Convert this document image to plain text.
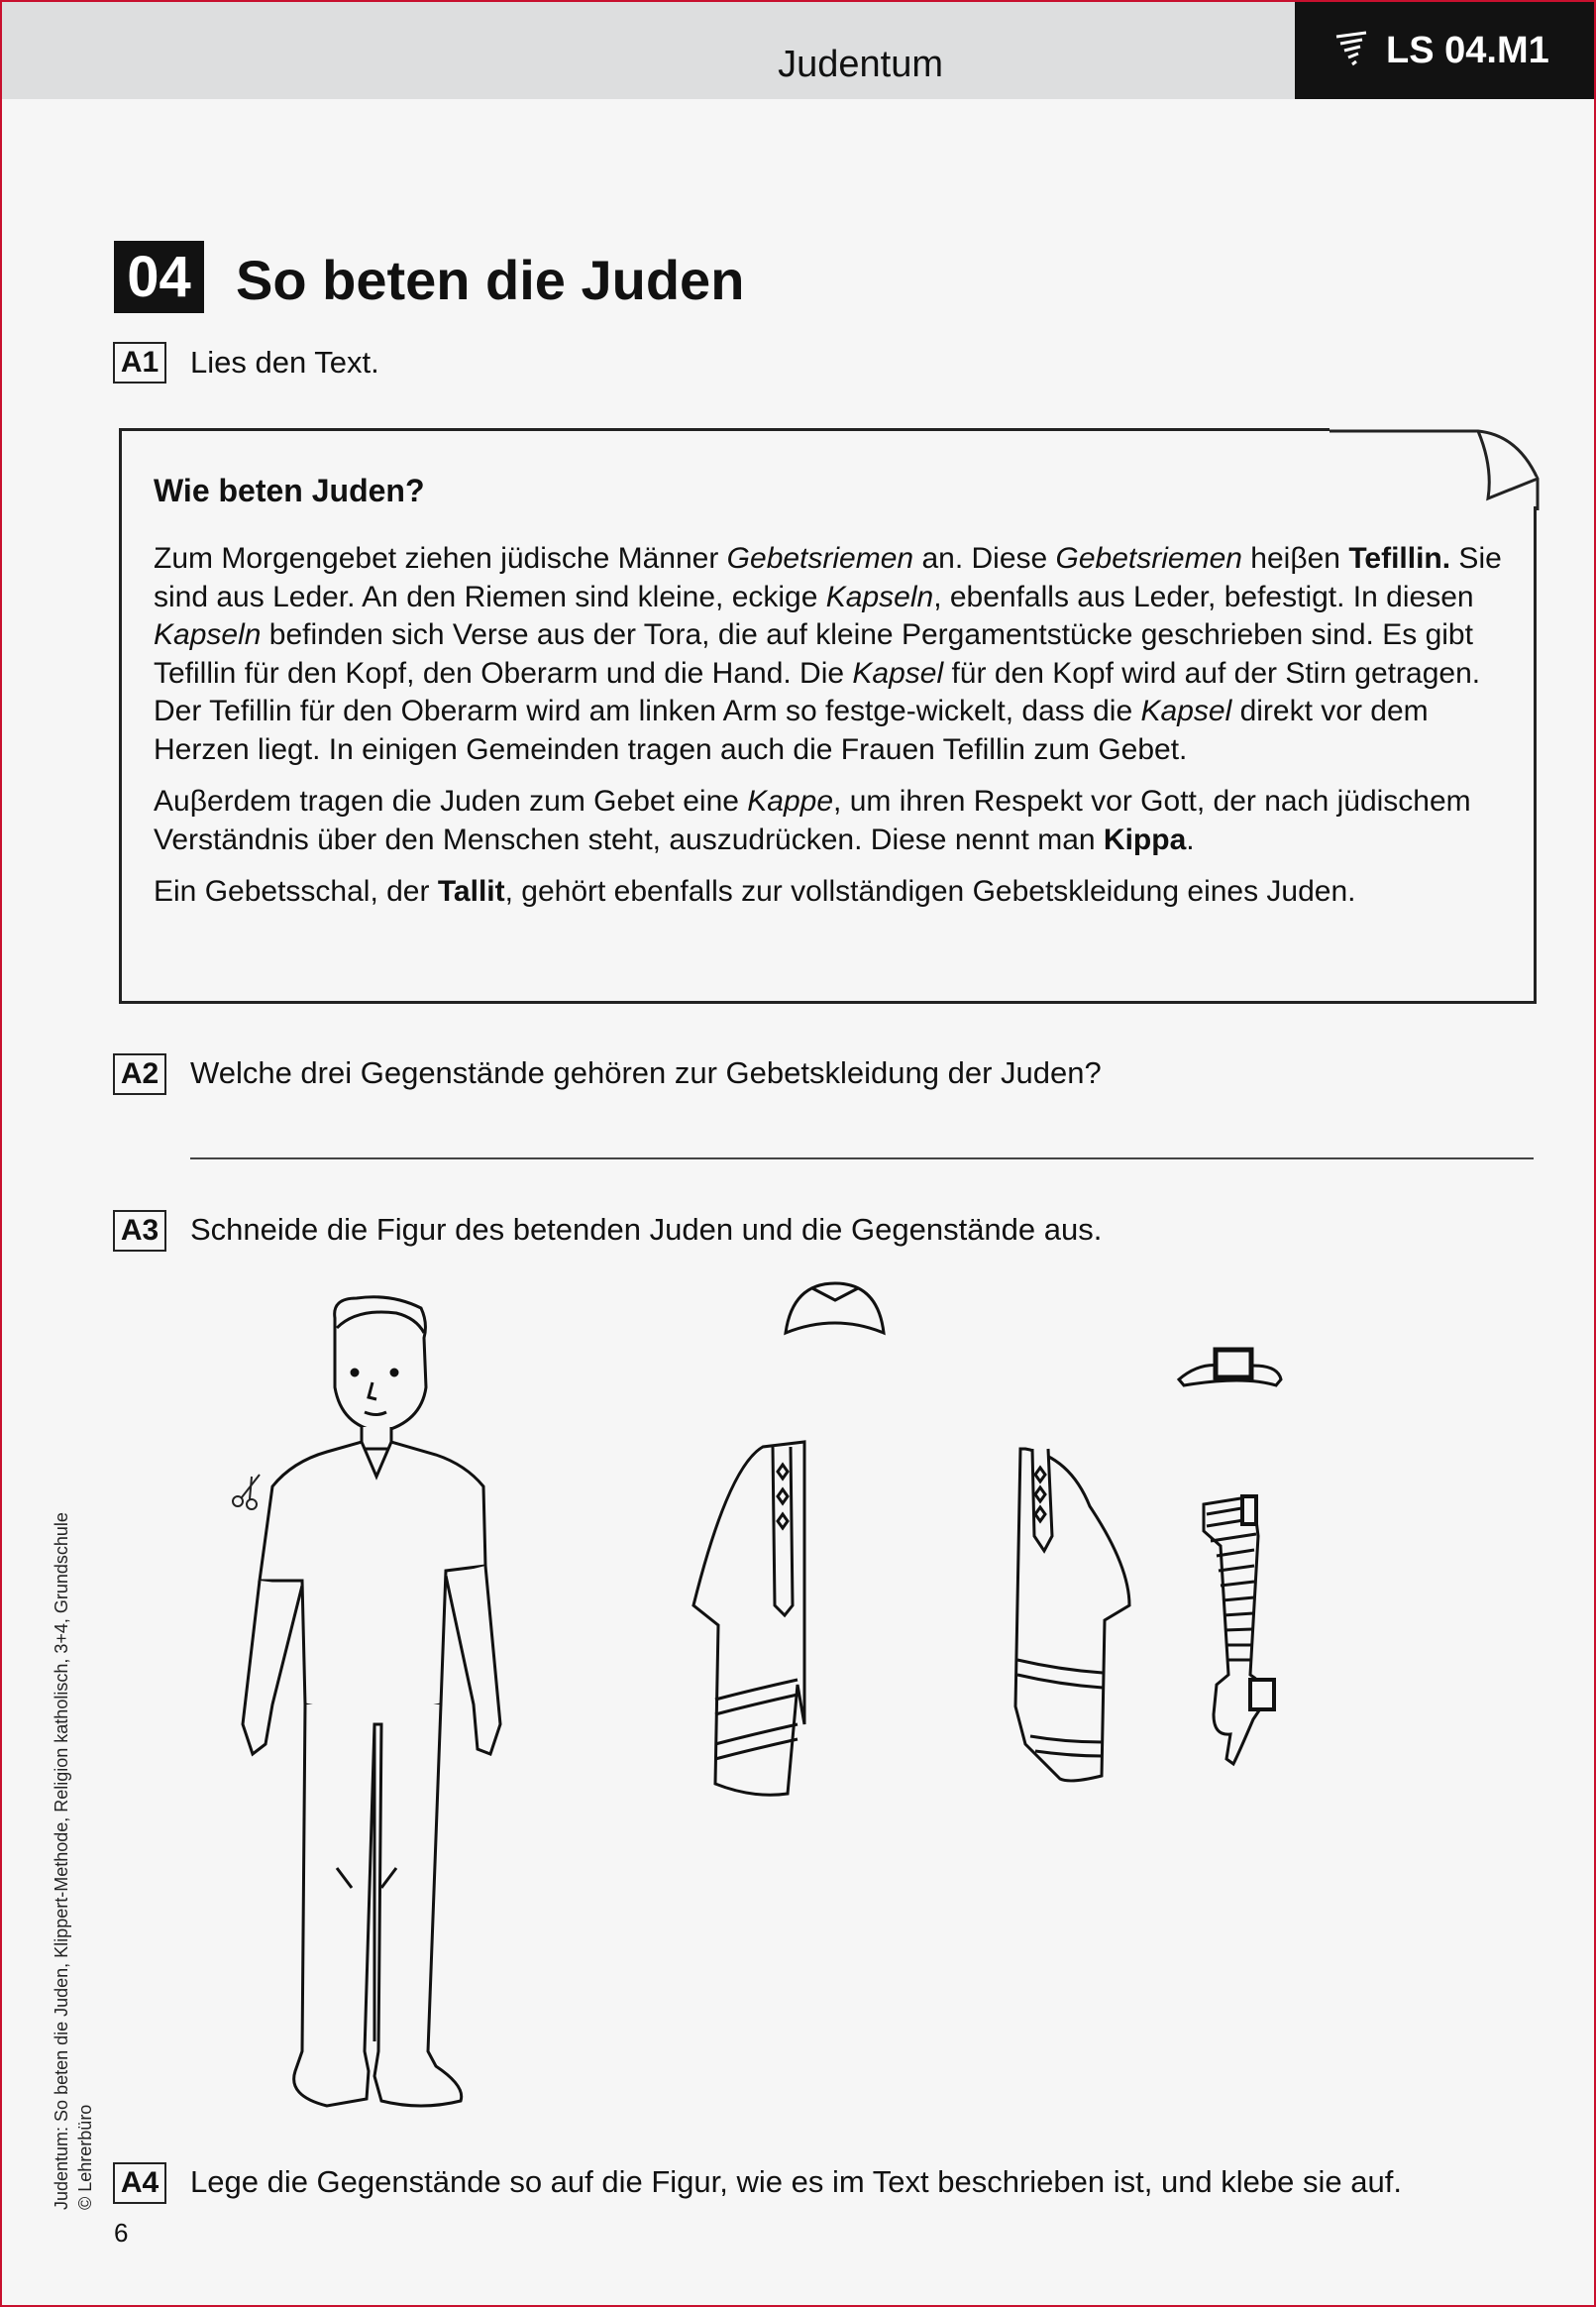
Judentum	LS 04.M1
04 So beten die Juden
A1 Lies den Text.
Wie beten Juden?

Zum Morgengebet ziehen jüdische Männer Gebetsriemen an. Diese Gebetsriemen heiβen Tefillin. Sie sind aus Leder. An den Riemen sind kleine, eckige Kapseln, ebenfalls aus Leder, befestigt. In diesen Kapseln befinden sich Verse aus der Tora, die auf kleine Pergamentstücke geschrieben sind. Es gibt Tefillin für den Kopf, den Oberarm und die Hand. Die Kapsel für den Kopf wird auf der Stirn getragen. Der Tefillin für den Oberarm wird am linken Arm so festge-wickelt, dass die Kapsel direkt vor dem Herzen liegt. In einigen Gemeinden tragen auch die Frauen Tefillin zum Gebet.

Auβerdem tragen die Juden zum Gebet eine Kappe, um ihren Respekt vor Gott, der nach jüdischem Verständnis über den Menschen steht, auszudrücken. Diese nennt man Kippa.

Ein Gebetsschal, der Tallit, gehört ebenfalls zur vollständigen Gebetskleidung eines Juden.

A2 Welche drei Gegenstände gehören zur Gebetskleidung der Juden?
A3 Schneide die Figur des betenden Juden und die Gegenstände aus.
A4 Lege die Gegenstände so auf die Figur, wie es im Text beschrieben ist, und klebe sie auf.
Judentum: So beten die Juden, Klippert-Methode, Religion katholisch, 3+4, Grundschule © Lehrerbüro
6
